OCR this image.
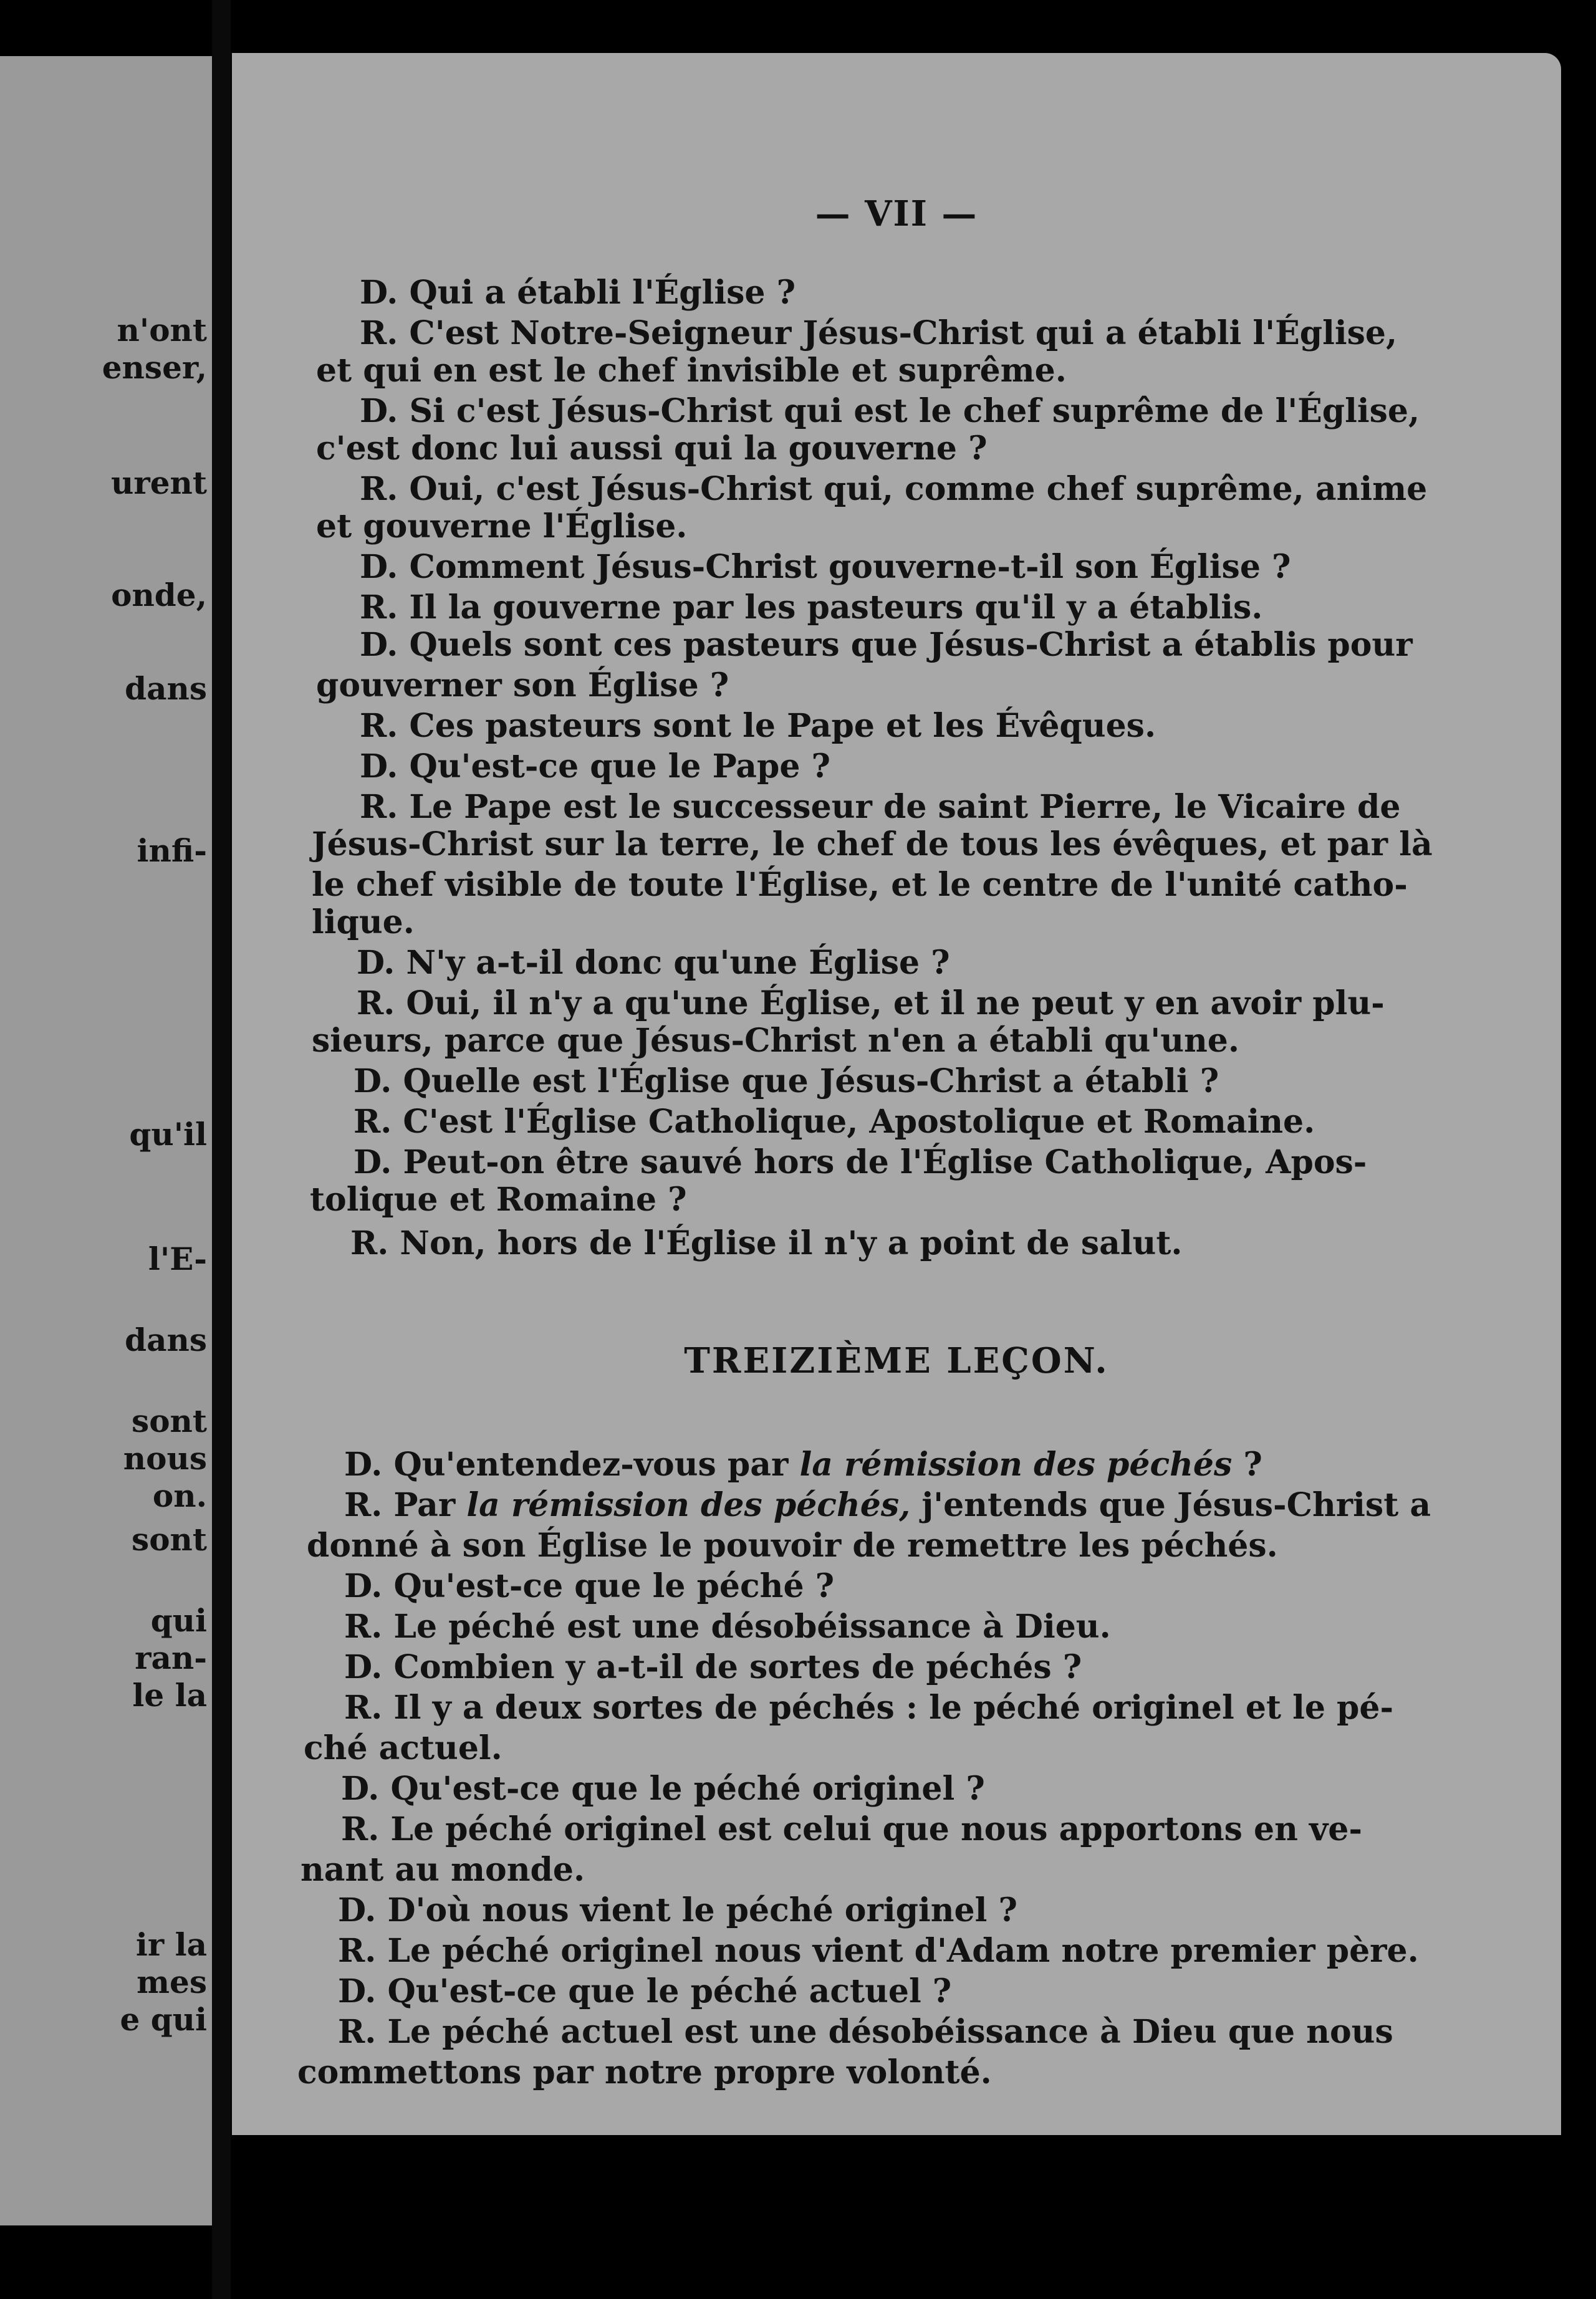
n'ont
enser,
urent
onde,
dans
infi-
qu'il
l'E-
dans
sont
nous
on.
sont
qui
ran-
le la
ir la
mes
e qui
— VII —
D. Qui a établi l'Église ?
R. C'est Notre-Seigneur Jésus-Christ qui a établi l'Église,
et qui en est le chef invisible et suprême.
D. Si c'est Jésus-Christ qui est le chef suprême de l'Église,
c'est donc lui aussi qui la gouverne ?
R. Oui, c'est Jésus-Christ qui, comme chef suprême, anime
et gouverne l'Église.
D. Comment Jésus-Christ gouverne-t-il son Église ?
R. Il la gouverne par les pasteurs qu'il y a établis.
D. Quels sont ces pasteurs que Jésus-Christ a établis pour
gouverner son Église ?
R. Ces pasteurs sont le Pape et les Évêques.
D. Qu'est-ce que le Pape ?
R. Le Pape est le successeur de saint Pierre, le Vicaire de
Jésus-Christ sur la terre, le chef de tous les évêques, et par là
le chef visible de toute l'Église, et le centre de l'unité catho-
lique.
D. N'y a-t-il donc qu'une Église ?
R. Oui, il n'y a qu'une Église, et il ne peut y en avoir plu-
sieurs, parce que Jésus-Christ n'en a établi qu'une.
D. Quelle est l'Église que Jésus-Christ a établi ?
R. C'est l'Église Catholique, Apostolique et Romaine.
D. Peut-on être sauvé hors de l'Église Catholique, Apos-
tolique et Romaine ?
R. Non, hors de l'Église il n'y a point de salut.
TREIZIÈME LEÇON.
D. Qu'entendez-vous par la rémission des péchés ?
R. Par la rémission des péchés, j'entends que Jésus-Christ a
donné à son Église le pouvoir de remettre les péchés.
D. Qu'est-ce que le péché ?
R. Le péché est une désobéissance à Dieu.
D. Combien y a-t-il de sortes de péchés ?
R. Il y a deux sortes de péchés : le péché originel et le pé-
ché actuel.
D. Qu'est-ce que le péché originel ?
R. Le péché originel est celui que nous apportons en ve-
nant au monde.
D. D'où nous vient le péché originel ?
R. Le péché originel nous vient d'Adam notre premier père.
D. Qu'est-ce que le péché actuel ?
R. Le péché actuel est une désobéissance à Dieu que nous
commettons par notre propre volonté.
